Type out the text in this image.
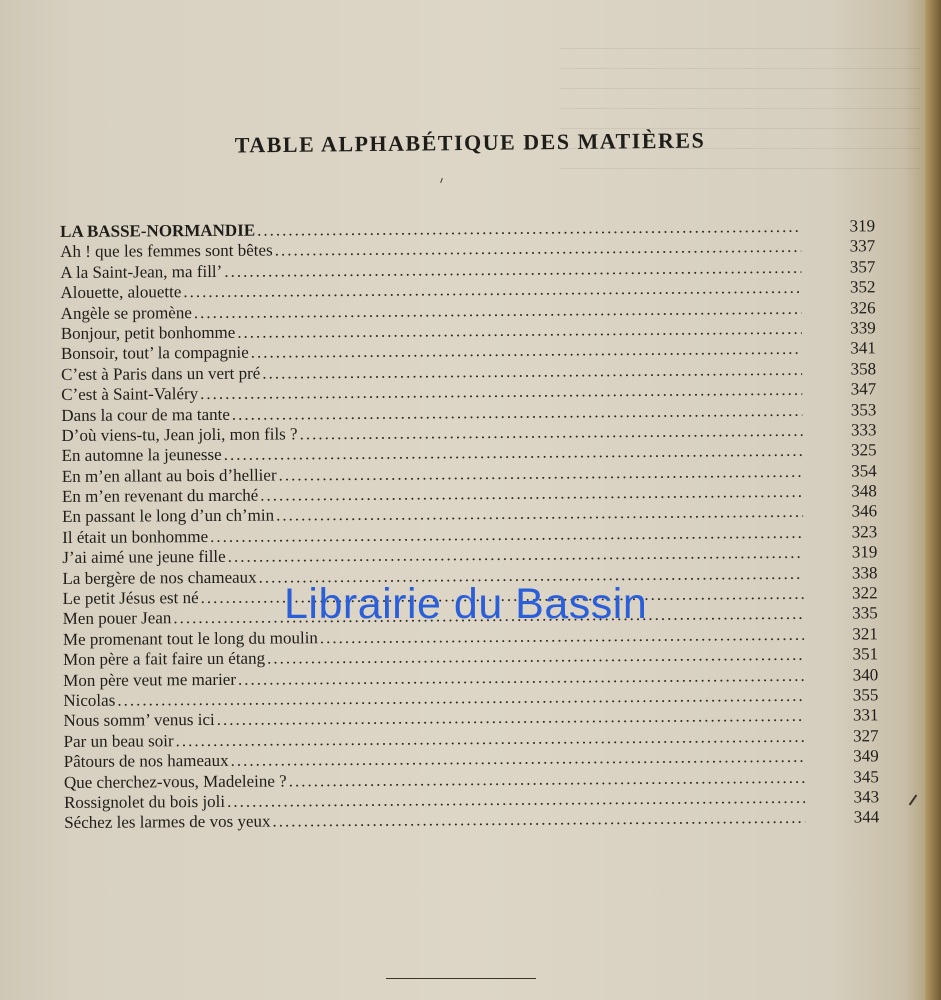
TABLE ALPHABÉTIQUE DES MATIÈRES
LA BASSE-NORMANDIE .....	319
Ah ! que les femmes sont bêtes .....	337
A la Saint-Jean, ma fill’ .....	357
Alouette, alouette .....	352
Angèle se promène .....	326
Bonjour, petit bonhomme .....	339
Bonsoir, tout’ la compagnie .....	341
C’est à Paris dans un vert pré .....	358
C’est à Saint-Valéry .....	347
Dans la cour de ma tante .....	353
D’où viens-tu, Jean joli, mon fils ? .....	333
En automne la jeunesse .....	325
En m’en allant au bois d’hellier .....	354
En m’en revenant du marché .....	348
En passant le long d’un ch’min .....	346
Il était un bonhomme .....	323
J’ai aimé une jeune fille .....	319
La bergère de nos chameaux .....	338
Le petit Jésus est né .....	322
Men pouer Jean .....	335
Me promenant tout le long du moulin .....	321
Mon père a fait faire un étang .....	351
Mon père veut me marier .....	340
Nicolas .....	355
Nous somm’ venus ici .....	331
Par un beau soir .....	327
Pâtours de nos hameaux .....	349
Que cherchez-vous, Madeleine ? .....	345
Rossignolet du bois joli .....	343
Séchez les larmes de vos yeux .....	344
Librairie du Bassin
